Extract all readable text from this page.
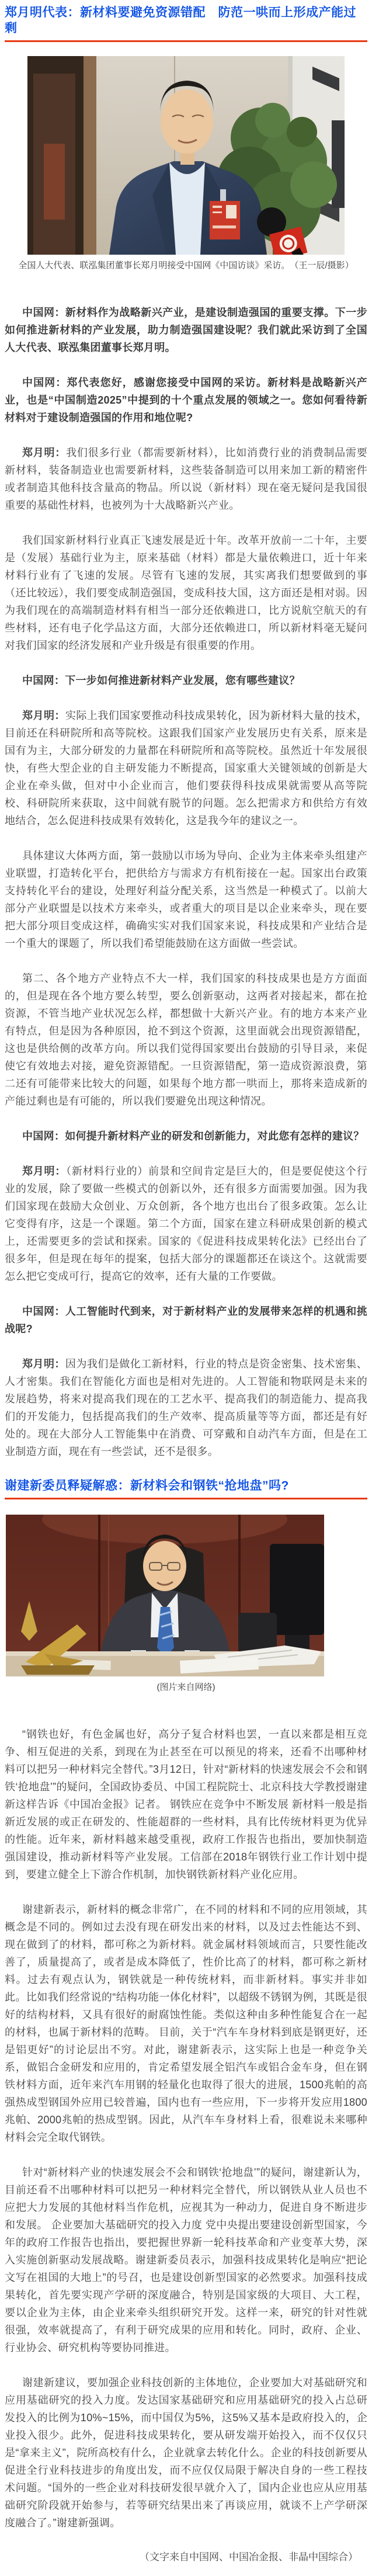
郑月明代表：新材料要避免资源错配　防范一哄而上形成产能过剩
全国人大代表、联泓集团董事长郑月明接受中国网《中国访谈》采访。　（王一辰/摄影）

中国网：新材料作为战略新兴产业，是建设制造强国的重要支撑。下一步如何推进新材料的产业发展，助力制造强国建设呢？我们就此采访到了全国人大代表、联泓集团董事长郑月明。

中国网：郑代表您好，感谢您接受中国网的采访。新材料是战略新兴产业，也是“中国制造2025”中提到的十个重点发展的领域之一。您如何看待新材料对于建设制造强国的作用和地位呢?

郑月明：我们很多行业（都需要新材料），比如消费行业的消费制品需要新材料，装备制造业也需要新材料，这些装备制造可以用来加工新的精密件或者制造其他科技含量高的物品。所以说（新材料）现在毫无疑问是我国很重要的基础性材料，也被列为十大战略新兴产业。

我们国家新材料行业真正飞速发展是近十年。改革开放前一二十年，主要是（发展）基础行业为主，原来基础（材料）都是大量依赖进口，近十年来材料行业有了飞速的发展。尽管有飞速的发展，其实离我们想要做到的事（还比较远），我们要变成制造强国，变成科技大国，这方面还是相对弱。因为我们现在的高端制造材料有相当一部分还依赖进口，比方说航空航天的有些材料，还有电子化学品这方面，大部分还依赖进口，所以新材料毫无疑问对我们国家的经济发展和产业升级是有很重要的作用。

中国网：下一步如何推进新材料产业发展，您有哪些建议？

郑月明：实际上我们国家要推动科技成果转化，因为新材料大量的技术，目前还在科研院所和高等院校。这跟我们国家产业发展历史有关系，原来是国有为主，大部分研发的力量都在科研院所和高等院校。虽然近十年发展很快，有些大型企业的自主研发能力不断提高，国家重大关键领域的创新是大企业在牵头做，但对中小企业而言，他们要获得科技成果就需要从高等院校、科研院所来获取，这中间就有脱节的问题。怎么把需求方和供给方有效地结合，怎么促进科技成果有效转化，这是我今年的建议之一。

具体建议大体两方面，第一鼓励以市场为导向、企业为主体来牵头组建产业联盟，打造转化平台，把供给方与需求方有机衔接在一起。国家出台政策支持转化平台的建设，处理好利益分配关系，这当然是一种模式了。以前大部分产业联盟是以技术方来牵头，或者重大的项目是以企业来牵头，现在要把大部分项目变成这样，确确实实对我们国家来说，科技成果和产业结合是一个重大的课题了，所以我们希望能鼓励在这方面做一些尝试。

第二、各个地方产业特点不大一样，我们国家的科技成果也是方方面面的，但是现在各个地方要么转型，要么创新驱动，这两者对接起来，都在抢资源，不管当地产业状况怎么样，都想做十大新兴产业。有的地方本来产业有特点，但是因为各种原因，抢不到这个资源，这里面就会出现资源错配，这也是供给侧的改革方向。所以我们觉得国家要出台鼓励的引导目录，来促使它有效地去对接，避免资源错配。一旦资源错配，第一造成资源浪费，第二还有可能带来比较大的问题，如果每个地方都一哄而上，那将来造成新的产能过剩也是有可能的，所以我们要避免出现这种情况。

中国网：如何提升新材料产业的研发和创新能力，对此您有怎样的建议？

郑月明：（新材料行业的）前景和空间肯定是巨大的，但是要促使这个行业的发展，除了要做一些模式的创新以外，还有很多方面需要加强。因为我们国家现在鼓励大众创业、万众创新，各个地方也出台了很多政策。怎么让它变得有序，这是一个课题。第二个方面，国家在建立科研成果创新的模式上，还需要更多的尝试和探索。国家的《促进科技成果转化法》已经出台了很多年，但是现在每年的提案，包括大部分的课题都还在谈这个。这就需要怎么把它变成可行，提高它的效率，还有大量的工作要做。

中国网：人工智能时代到来，对于新材料产业的发展带来怎样的机遇和挑战呢?

郑月明：因为我们是做化工新材料，行业的特点是资金密集、技术密集、人才密集。我们在智能化方面也是相对先进的。人工智能和物联网是未来的发展趋势，将来对提高我们现在的工艺水平、提高我们的制造能力、提高我们的开发能力，包括提高我们的生产效率、提高质量等等方面，都还是有好处的。现在大部分人工智能集中在消费、可穿戴和自动汽车方面，但是在工业制造方面，现在有一些尝试，还不是很多。

谢建新委员释疑解惑：新材料会和钢铁“抢地盘”吗?
(图片来自网络)

“钢铁也好，有色金属也好，高分子复合材料也罢，一直以来都是相互竞争、相互促进的关系，到现在为止甚至在可以预见的将来，还看不出哪种材料可以把另一种材料完全替代。”3月12日，针对“新材料的快速发展会不会和钢铁‘抢地盘’”的疑问，全国政协委员、中国工程院院士、北京科技大学教授谢建新这样告诉《中国冶金报》记者。 钢铁应在竞争中不断发展 新材料一般是指新近发展的或正在研发的、性能超群的一些材料，具有比传统材料更为优异的性能。近年来，新材料越来越受重视，政府工作报告也指出，要加快制造强国建设，推动新材料等产业发展。工信部在2018年钢铁行业工作计划中提到，要建立健全上下游合作机制，加快钢铁新材料产业化应用。

谢建新表示，新材料的概念非常广，在不同的材料和不同的应用领域，其概念是不同的。例如过去没有现在研发出来的材料，以及过去性能达不到、现在做到了的材料，都可称之为新材料。就金属材料领域而言，只要性能改善了，质量提高了，或者是成本降低了，性价比高了的材料，都可称之新材料。过去有观点认为，钢铁就是一种传统材料，而非新材料。事实并非如此。比如我们经常说的“结构功能一体化材料”，以超级不锈钢为例，其既是很好的结构材料，又具有很好的耐腐蚀性能。类似这种由多种性能复合在一起的材料，也属于新材料的范畴。 目前，关于“汽车车身材料到底是钢更好，还是铝更好”的讨论层出不穷。对此，谢建新表示，这实际上也是一种竞争关系，做铝合金研发和应用的，肯定希望发展全铝汽车或铝合金车身，但在钢铁材料方面，近年来汽车用钢的轻量化也取得了很大的进展，1500兆帕的高强热成型钢国外应用已较普遍，国内也有一些应用，下一步将开发应用1800兆帕、2000兆帕的热成型钢。因此，从汽车车身材料上看，很难说未来哪种材料会完全取代钢铁。

针对“新材料产业的快速发展会不会和钢铁‘抢地盘’”的疑问，谢建新认为，目前还看不出哪种材料可以把另一种材料完全替代，所以钢铁从业人员也不应把大力发展的其他材料当作危机，应视其为一种动力，促进自身不断进步和发展。 企业要加大基础研究的投入力度 党中央提出要建设创新型国家，今年的政府工作报告也指出，要把握世界新一轮科技革命和产业变革大势，深入实施创新驱动发展战略。谢建新委员表示，加强科技成果转化是响应“把论文写在祖国的大地上”的号召，也是建设创新型国家的必然要求。加强科技成果转化，首先要实现产学研的深度融合，特别是国家级的大项目、大工程，要以企业为主体，由企业来牵头组织研究开发。这样一来，研究的针对性就很强，效率就提高了，有利于研究成果的应用和转化。同时，政府、企业、行业协会、研究机构等要协同推进。

谢建新建议，要加强企业科技创新的主体地位，企业要加大对基础研究和应用基础研究的投入力度。发达国家基础研究和应用基础研究的投入占总研发投入的比例为10%~15%，而中国仅为5%，这5%又基本是政府投入的，企业投入很少。此外，促进科技成果转化，要从研发端开始投入，而不仅仅只是“拿来主义”，院所高校有什么，企业就拿去转化什么。企业的科技创新要从促进全行业科技进步的角度出发，而不应仅仅局限于解决自身的一些工程技术问题。“国外的一些企业对科技研发很早就介入了，国内企业也应从应用基础研究阶段就开始参与，若等研究结果出来了再谈应用，就谈不上产学研深度融合了。”谢建新强调。

（文字来自中国网、中国冶金报、非晶中国综合）
